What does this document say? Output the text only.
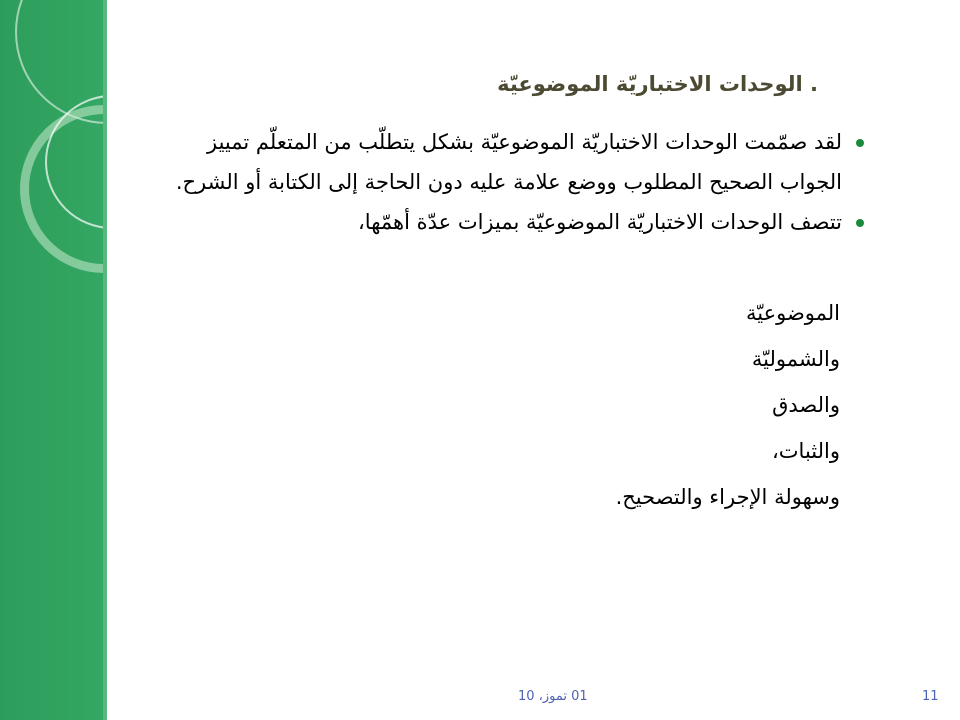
. الوحدات الاختباريّة الموضوعيّة
لقد صمّمت الوحدات الاختباريّة الموضوعيّة بشكل يتطلّب من المتعلّم تمييز الجواب الصحيح المطلوب ووضع علامة عليه دون الحاجة إلى الكتابة أو الشرح.
تتصف الوحدات الاختباريّة الموضوعيّة بميزات عدّة أهمّها،
الموضوعيّة
والشموليّة
والصدق
والثبات،
وسهولة الإجراء والتصحيح.
01 تموز، 10	11
